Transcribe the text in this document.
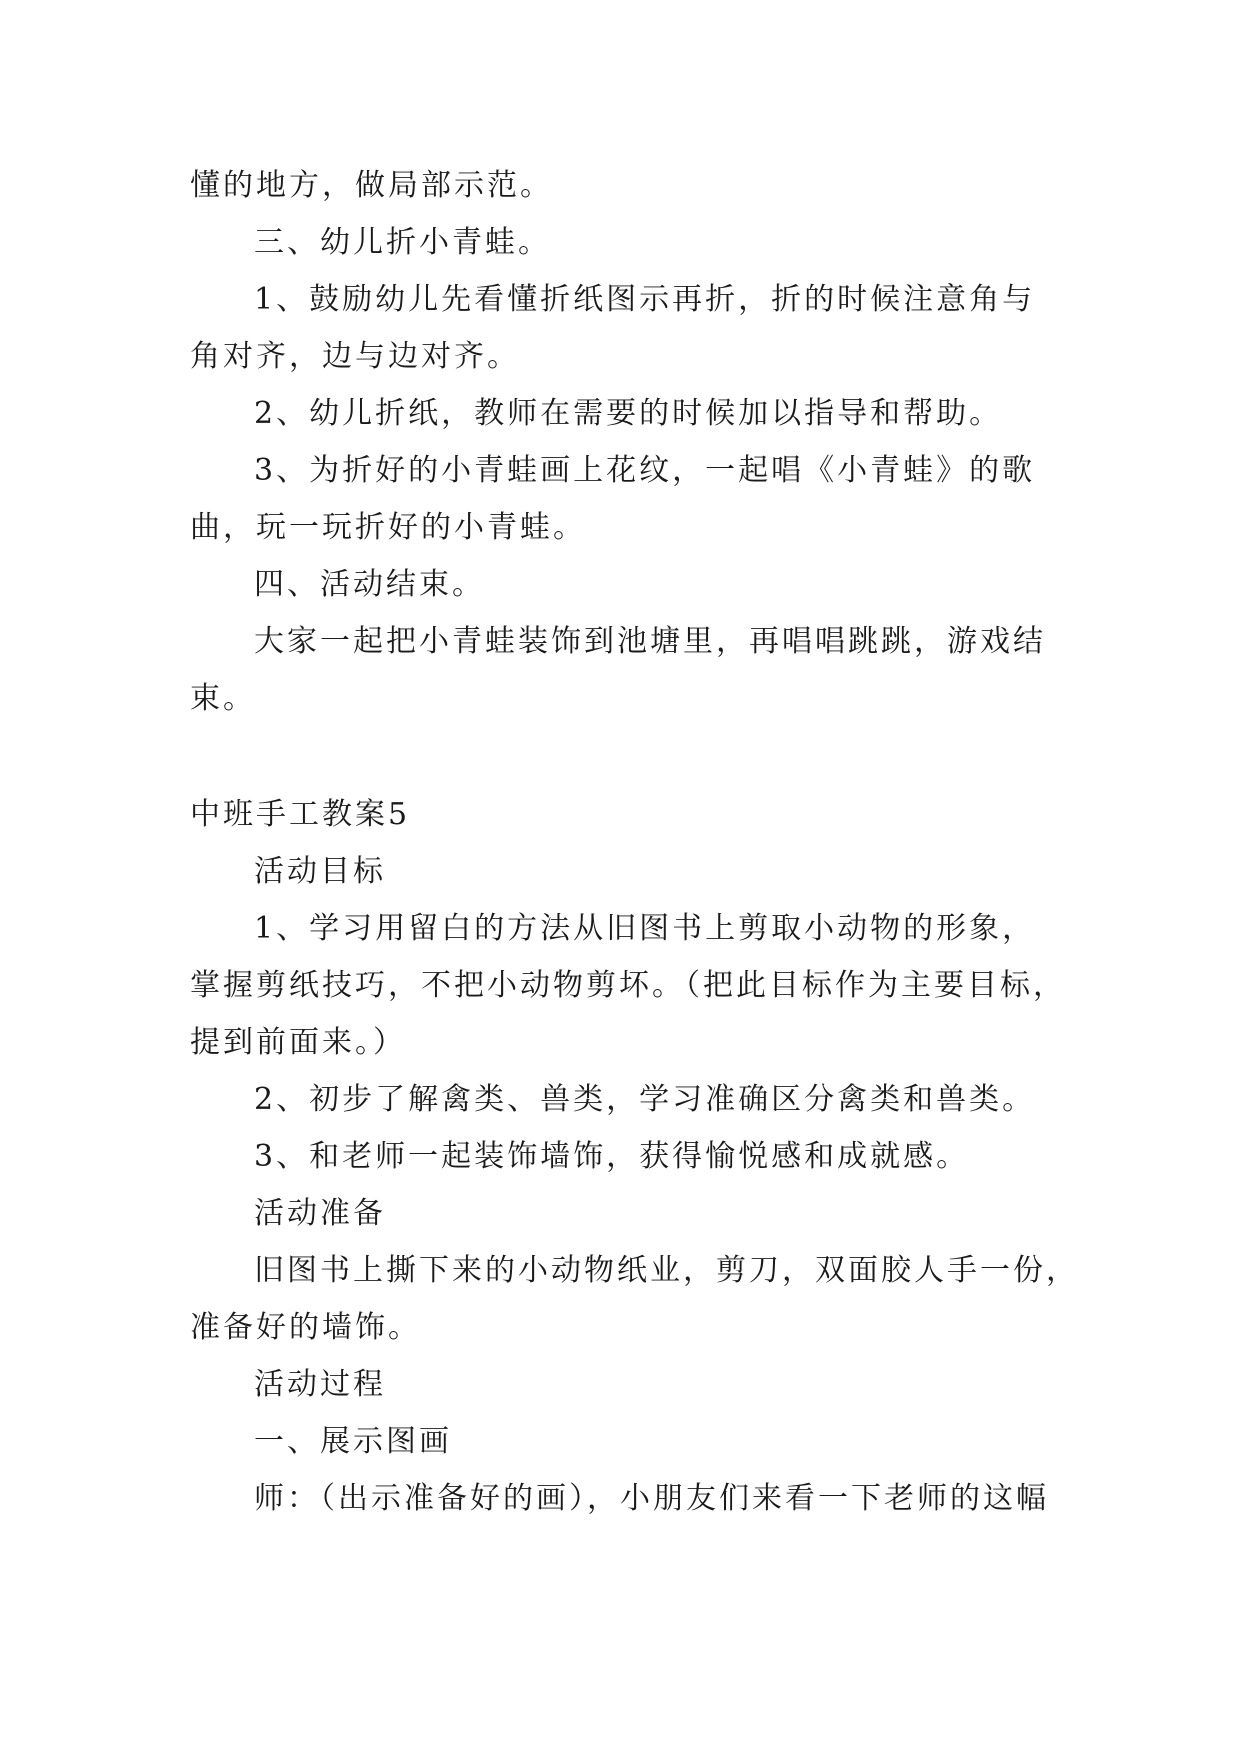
懂的地方，做局部示范。
三、幼儿折小青蛙。
1、鼓励幼儿先看懂折纸图示再折，折的时候注意角与
角对齐，边与边对齐。
2、幼儿折纸，教师在需要的时候加以指导和帮助。
3、为折好的小青蛙画上花纹，一起唱《小青蛙》的歌
曲，玩一玩折好的小青蛙。
四、活动结束。
大家一起把小青蛙装饰到池塘里，再唱唱跳跳，游戏结
束。
中班手工教案5
活动目标
1、学习用留白的方法从旧图书上剪取小动物的形象，
掌握剪纸技巧，不把小动物剪坏。（把此目标作为主要目标，
提到前面来。）
2、初步了解禽类、兽类，学习准确区分禽类和兽类。
3、和老师一起装饰墙饰，获得愉悦感和成就感。
活动准备
旧图书上撕下来的小动物纸业，剪刀，双面胶人手一份，
准备好的墙饰。
活动过程
一、展示图画
师：（出示准备好的画），小朋友们来看一下老师的这幅
